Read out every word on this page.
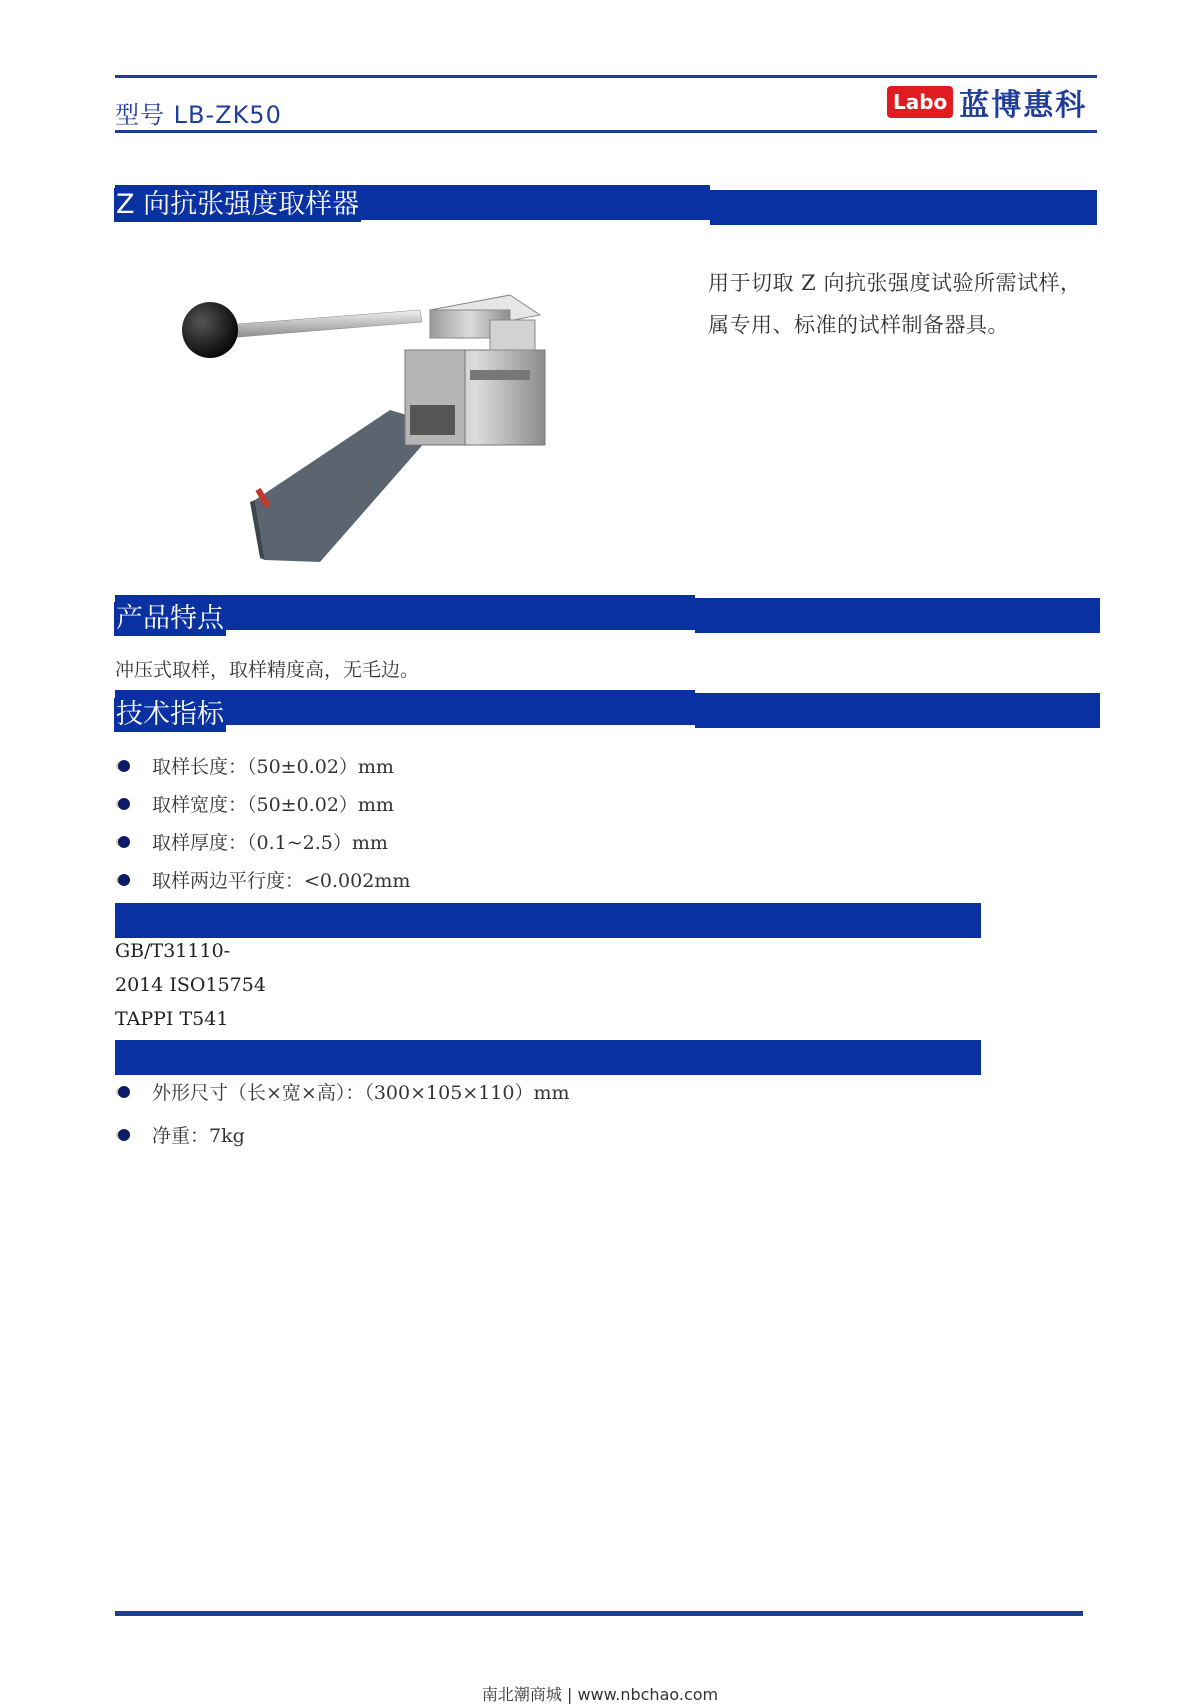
型号 LB-ZK50	Labo 蓝博惠科
Z 向抗张强度取样器
用于切取 Z 向抗张强度试验所需试样，属专用、标准的试样制备器具。
产品特点
冲压式取样，取样精度高，无毛边。
技术指标
取样长度：（50±0.02）mm
取样宽度：（50±0.02）mm
取样厚度：（0.1~2.5）mm
取样两边平行度：<0.002mm
GB/T31110-
2014 ISO15754
TAPPI T541
外形尺寸（长×宽×高）：（300×105×110）mm
净重：7kg
南北潮商城 | www.nbchao.com
